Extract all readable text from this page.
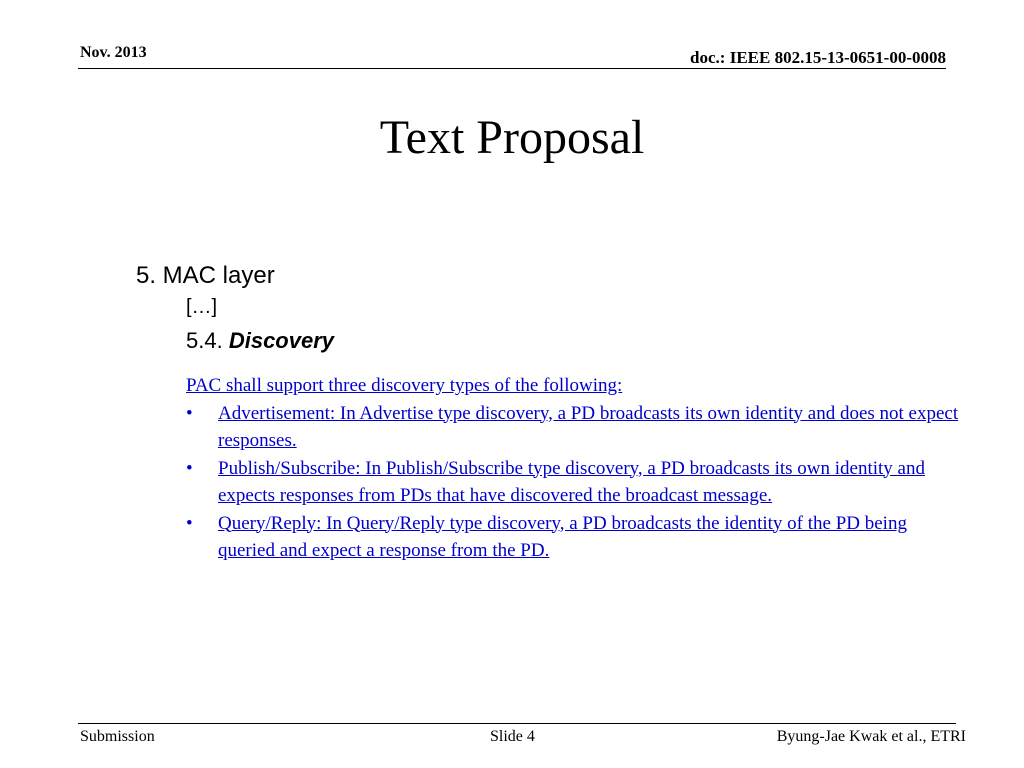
Nov. 2013	doc.: IEEE 802.15-13-0651-00-0008
Text Proposal
5. MAC layer
[…]
5.4. Discovery
PAC shall support three discovery types of the following:
• Advertisement: In Advertise type discovery, a PD broadcasts its own identity and does not expect responses.
• Publish/Subscribe: In Publish/Subscribe type discovery, a PD broadcasts its own identity and expects responses from PDs that have discovered the broadcast message.
• Query/Reply: In Query/Reply type discovery, a PD broadcasts the identity of the PD being queried and expect a response from the PD.
Submission	Slide 4	Byung-Jae Kwak et al., ETRI
